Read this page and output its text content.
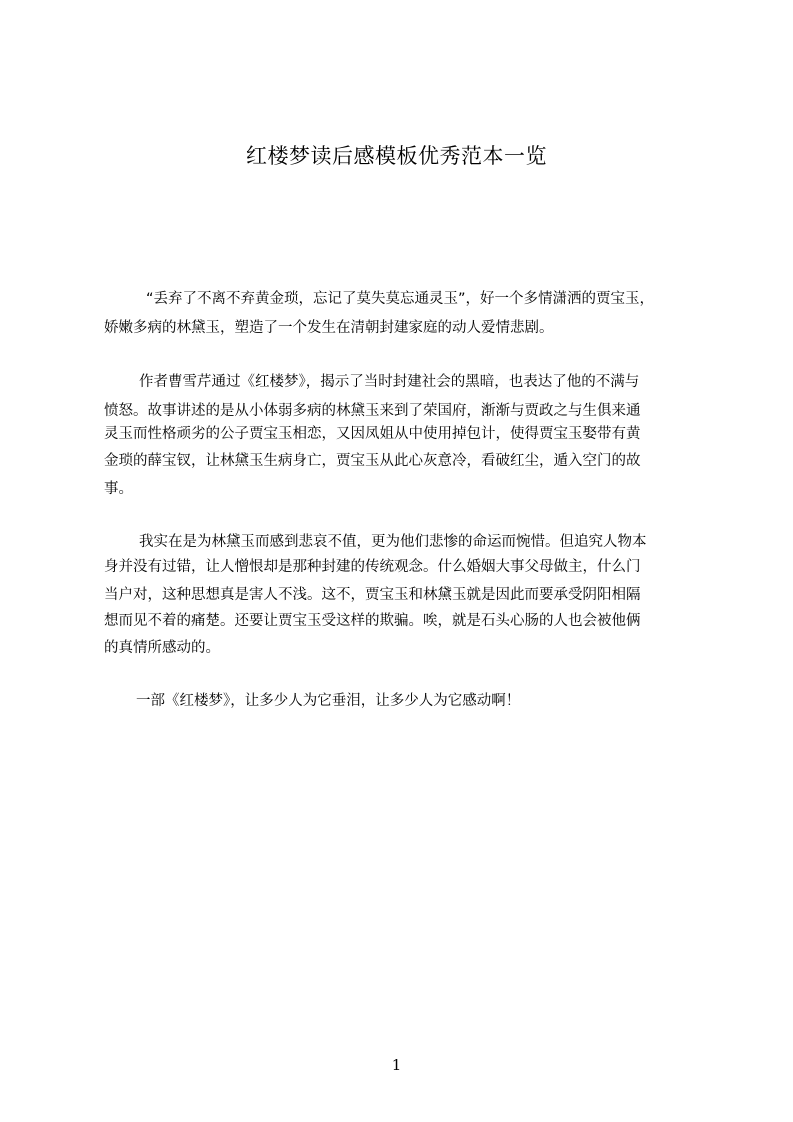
红楼梦读后感模板优秀范本一览

“丢弃了不离不弃黄金琐，忘记了莫失莫忘通灵玉”，好一个多情潇洒的贾宝玉，

娇嫩多病的林黛玉，塑造了一个发生在清朝封建家庭的动人爱情悲剧。

作者曹雪芹通过《红楼梦》，揭示了当时封建社会的黑暗，也表达了他的不满与

愤怒。故事讲述的是从小体弱多病的林黛玉来到了荣国府，渐渐与贾政之与生俱来通

灵玉而性格顽劣的公子贾宝玉相恋，又因凤姐从中使用掉包计，使得贾宝玉娶带有黄

金琐的薛宝钗，让林黛玉生病身亡，贾宝玉从此心灰意冷，看破红尘，遁入空门的故

事。

我实在是为林黛玉而感到悲哀不值，更为他们悲惨的命运而惋惜。但追究人物本

身并没有过错，让人憎恨却是那种封建的传统观念。什么婚姻大事父母做主，什么门

当户对，这种思想真是害人不浅。这不，贾宝玉和林黛玉就是因此而要承受阴阳相隔

想而见不着的痛楚。还要让贾宝玉受这样的欺骗。唉，就是石头心肠的人也会被他俩

的真情所感动的。

一部《红楼梦》，让多少人为它垂泪，让多少人为它感动啊！

1
